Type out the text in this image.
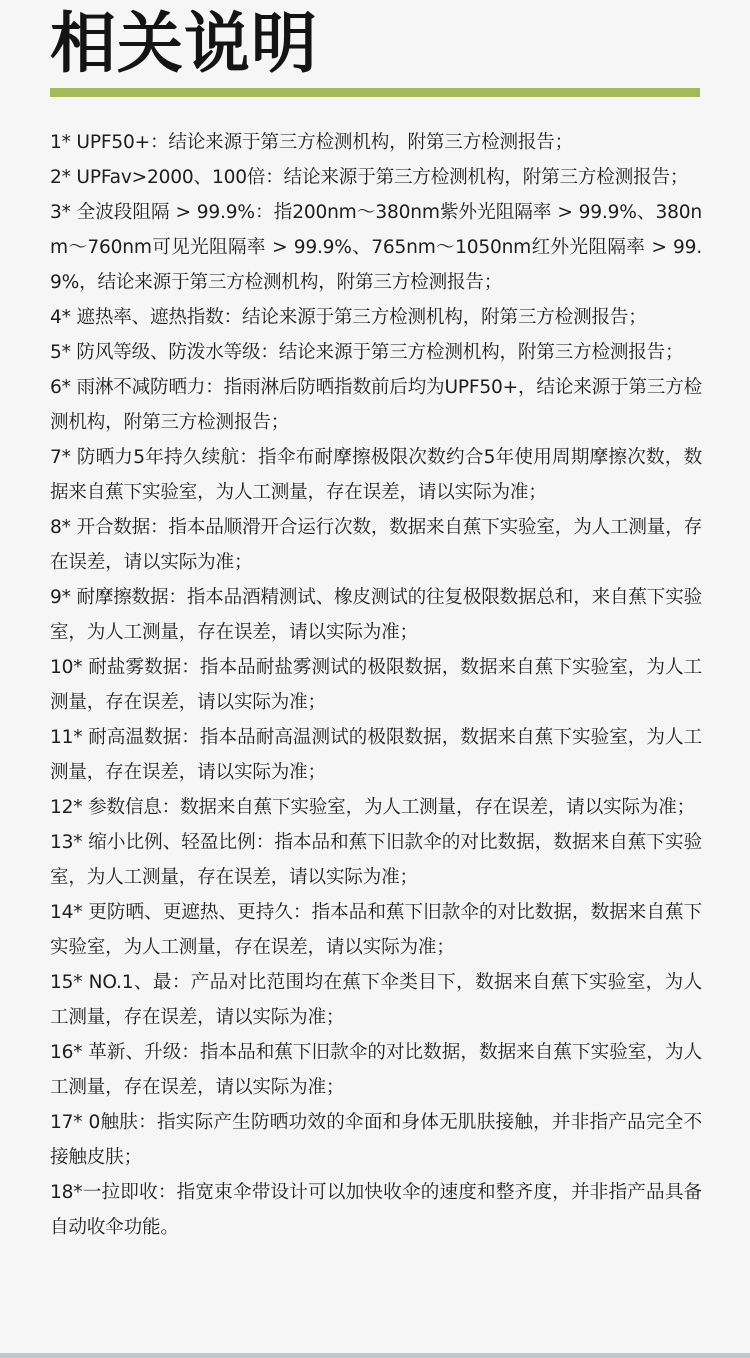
相关说明
1* UPF50+：结论来源于第三方检测机构，附第三方检测报告；
2* UPFav>2000、100倍：结论来源于第三方检测机构，附第三方检测报告；
3* 全波段阻隔 > 99.9%：指200nm～380nm紫外光阻隔率 > 99.9%、380nm～760nm可见光阻隔率 > 99.9%、765nm～1050nm红外光阻隔率 > 99.9%，结论来源于第三方检测机构，附第三方检测报告；
4* 遮热率、遮热指数：结论来源于第三方检测机构，附第三方检测报告；
5* 防风等级、防泼水等级：结论来源于第三方检测机构，附第三方检测报告；
6* 雨淋不减防晒力：指雨淋后防晒指数前后均为UPF50+，结论来源于第三方检测机构，附第三方检测报告；
7* 防晒力5年持久续航：指伞布耐摩擦极限次数约合5年使用周期摩擦次数，数据来自蕉下实验室，为人工测量，存在误差，请以实际为准；
8* 开合数据：指本品顺滑开合运行次数，数据来自蕉下实验室，为人工测量，存在误差，请以实际为准；
9* 耐摩擦数据：指本品酒精测试、橡皮测试的往复极限数据总和，来自蕉下实验室，为人工测量，存在误差，请以实际为准；
10* 耐盐雾数据：指本品耐盐雾测试的极限数据，数据来自蕉下实验室，为人工测量，存在误差，请以实际为准；
11* 耐高温数据：指本品耐高温测试的极限数据，数据来自蕉下实验室，为人工测量，存在误差，请以实际为准；
12* 参数信息：数据来自蕉下实验室，为人工测量，存在误差，请以实际为准；
13* 缩小比例、轻盈比例：指本品和蕉下旧款伞的对比数据，数据来自蕉下实验室，为人工测量，存在误差，请以实际为准；
14* 更防晒、更遮热、更持久：指本品和蕉下旧款伞的对比数据，数据来自蕉下实验室，为人工测量，存在误差，请以实际为准；
15* NO.1、最：产品对比范围均在蕉下伞类目下，数据来自蕉下实验室，为人工测量，存在误差，请以实际为准；
16* 革新、升级：指本品和蕉下旧款伞的对比数据，数据来自蕉下实验室，为人工测量，存在误差，请以实际为准；
17* 0触肤：指实际产生防晒功效的伞面和身体无肌肤接触，并非指产品完全不接触皮肤；
18*一拉即收：指宽束伞带设计可以加快收伞的速度和整齐度，并非指产品具备自动收伞功能。
